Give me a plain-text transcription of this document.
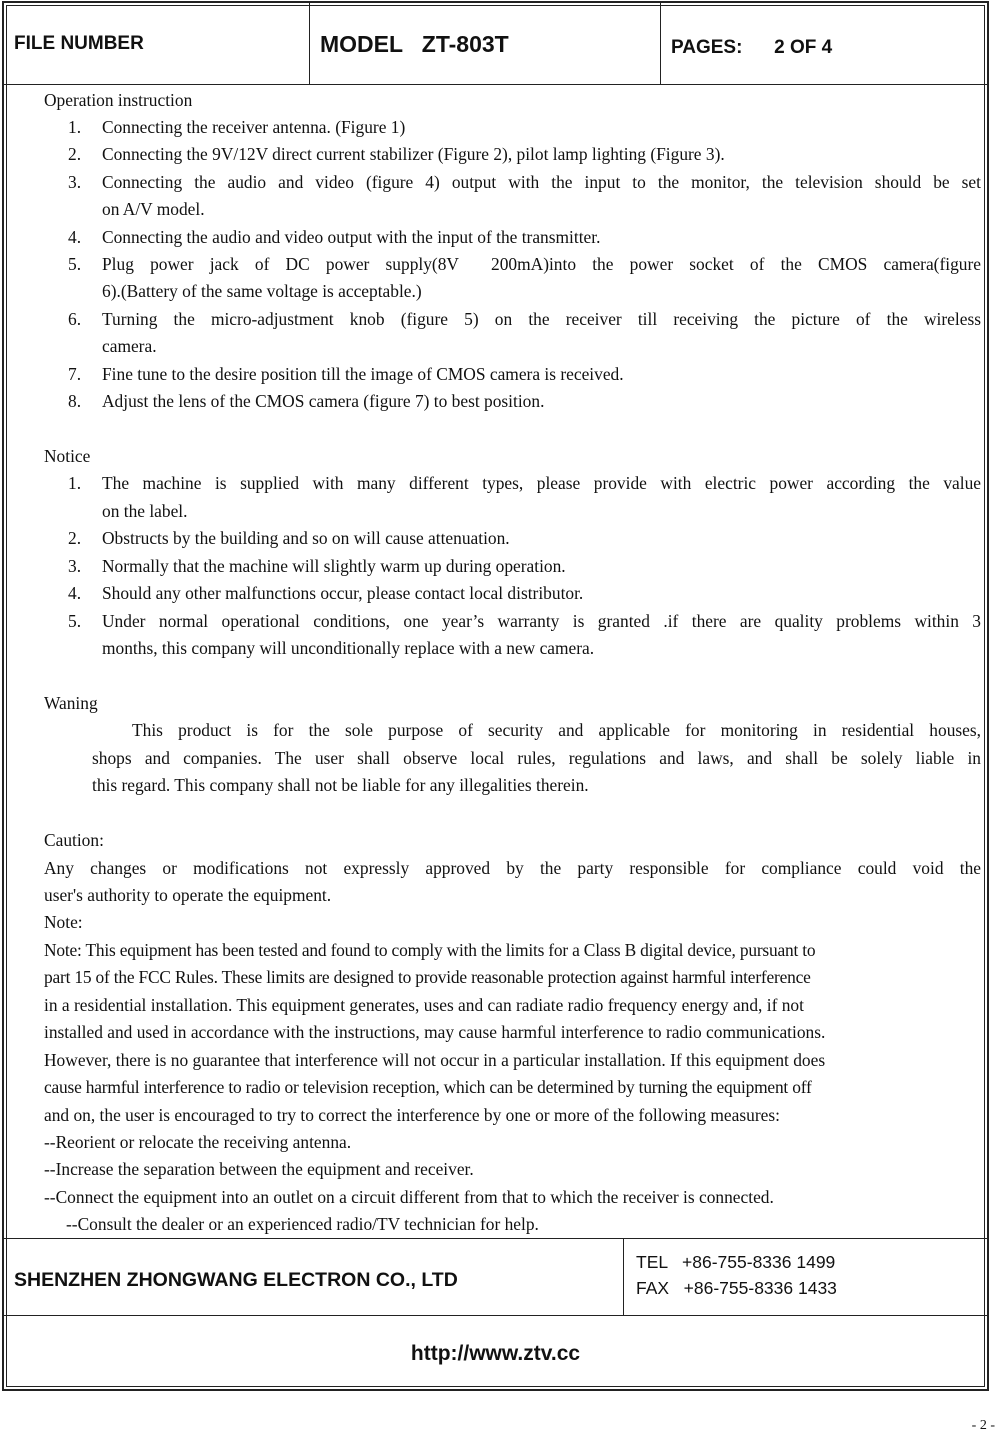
FILE NUMBER	MODEL   ZT-803T	PAGES:      2 OF 4
Operation instruction
1. Connecting the receiver antenna. (Figure 1)
2. Connecting the 9V/12V direct current stabilizer (Figure 2), pilot lamp lighting (Figure 3).
3. Connecting the audio and video (figure 4) output with the input to the monitor, the television should be set
on A/V model.
4. Connecting the audio and video output with the input of the transmitter.
5. Plug power jack of DC power supply(8V  200mA)into the power socket of the CMOS camera(figure
6).(Battery of the same voltage is acceptable.)
6. Turning the micro-adjustment knob (figure 5) on the receiver till receiving the picture of the wireless
camera.
7. Fine tune to the desire position till the image of CMOS camera is received.
8. Adjust the lens of the CMOS camera (figure 7) to best position.
Notice
1. The machine is supplied with many different types, please provide with electric power according the value
on the label.
2. Obstructs by the building and so on will cause attenuation.
3. Normally that the machine will slightly warm up during operation.
4. Should any other malfunctions occur, please contact local distributor.
5. Under normal operational conditions, one year’s warranty is granted .if there are quality problems within 3
months, this company will unconditionally replace with a new camera.
Waning
This product is for the sole purpose of security and applicable for monitoring in residential houses,
shops and companies. The user shall observe local rules, regulations and laws, and shall be solely liable in
this regard. This company shall not be liable for any illegalities therein.
Caution:
Any changes or modifications not expressly approved by the party responsible for compliance could void the
user's authority to operate the equipment.
Note:
Note: This equipment has been tested and found to comply with the limits for a Class B digital device, pursuant to
part 15 of the FCC Rules. These limits are designed to provide reasonable protection against harmful interference
in a residential installation. This equipment generates, uses and can radiate radio frequency energy and, if not
installed and used in accordance with the instructions, may cause harmful interference to radio communications.
However, there is no guarantee that interference will not occur in a particular installation. If this equipment does
cause harmful interference to radio or television reception, which can be determined by turning the equipment off
and on, the user is encouraged to try to correct the interference by one or more of the following measures:
--Reorient or relocate the receiving antenna.
--Increase the separation between the equipment and receiver.
--Connect the equipment into an outlet on a circuit different from that to which the receiver is connected.
--Consult the dealer or an experienced radio/TV technician for help.
SHENZHEN ZHONGWANG ELECTRON CO., LTD
TEL   +86-755-8336 1499
FAX   +86-755-8336 1433
http://www.ztv.cc
- 2 -
